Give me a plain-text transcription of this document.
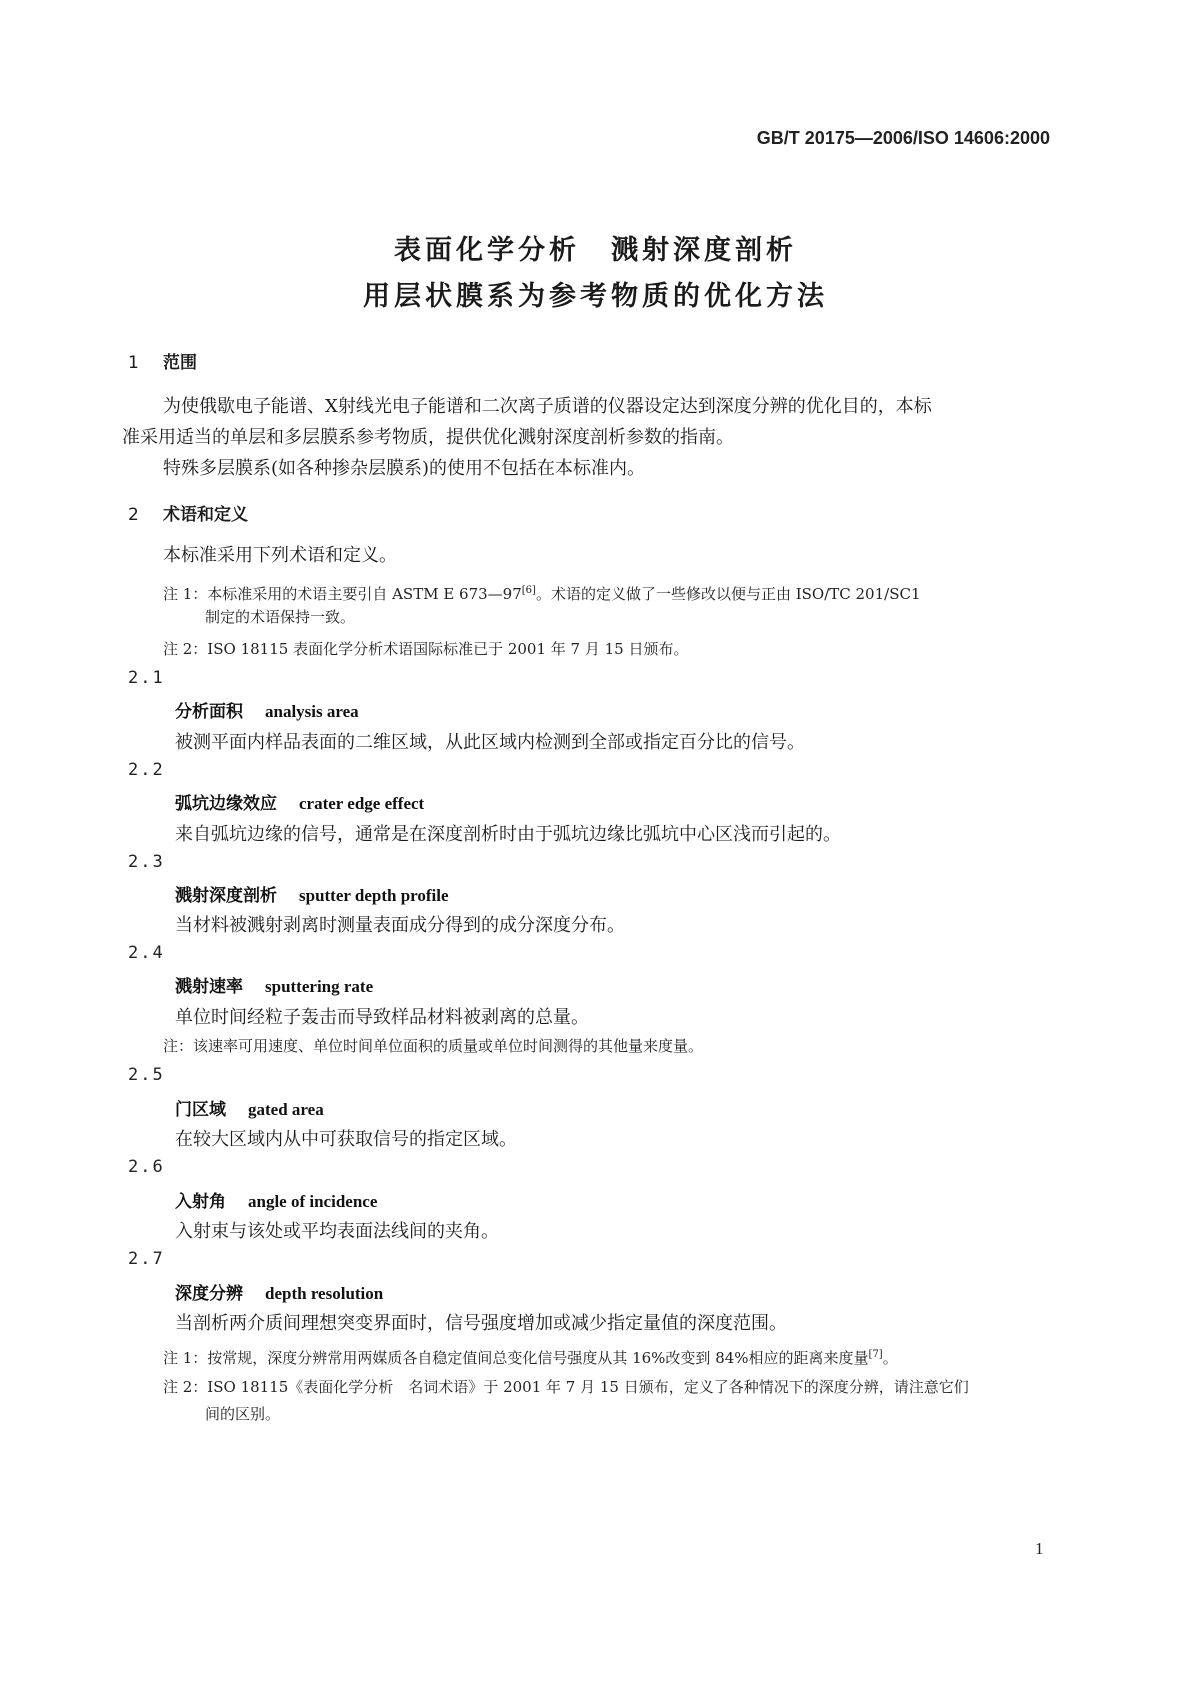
GB/T 20175—2006/ISO 14606:2000
表面化学分析　溅射深度剖析
用层状膜系为参考物质的优化方法
1 范围
为使俄歇电子能谱、X射线光电子能谱和二次离子质谱的仪器设定达到深度分辨的优化目的，本标
准采用适当的单层和多层膜系参考物质，提供优化溅射深度剖析参数的指南。
特殊多层膜系(如各种掺杂层膜系)的使用不包括在本标准内。
2 术语和定义
本标准采用下列术语和定义。
注 1：本标准采用的术语主要引自 ASTM E 673—97[6]。术语的定义做了一些修改以便与正由 ISO/TC 201/SC1
制定的术语保持一致。
注 2：ISO 18115 表面化学分析术语国际标准已于 2001 年 7 月 15 日颁布。
2.1
分析面积 analysis area
被测平面内样品表面的二维区域，从此区域内检测到全部或指定百分比的信号。
2.2
弧坑边缘效应 crater edge effect
来自弧坑边缘的信号，通常是在深度剖析时由于弧坑边缘比弧坑中心区浅而引起的。
2.3
溅射深度剖析 sputter depth profile
当材料被溅射剥离时测量表面成分得到的成分深度分布。
2.4
溅射速率 sputtering rate
单位时间经粒子轰击而导致样品材料被剥离的总量。
注：该速率可用速度、单位时间单位面积的质量或单位时间测得的其他量来度量。
2.5
门区域 gated area
在较大区域内从中可获取信号的指定区域。
2.6
入射角 angle of incidence
入射束与该处或平均表面法线间的夹角。
2.7
深度分辨 depth resolution
当剖析两介质间理想突变界面时，信号强度增加或减少指定量值的深度范围。
注 1：按常规，深度分辨常用两媒质各自稳定值间总变化信号强度从其 16%改变到 84%相应的距离来度量[7]。
注 2：ISO 18115《表面化学分析　名词术语》于 2001 年 7 月 15 日颁布，定义了各种情况下的深度分辨，请注意它们
间的区别。
1
